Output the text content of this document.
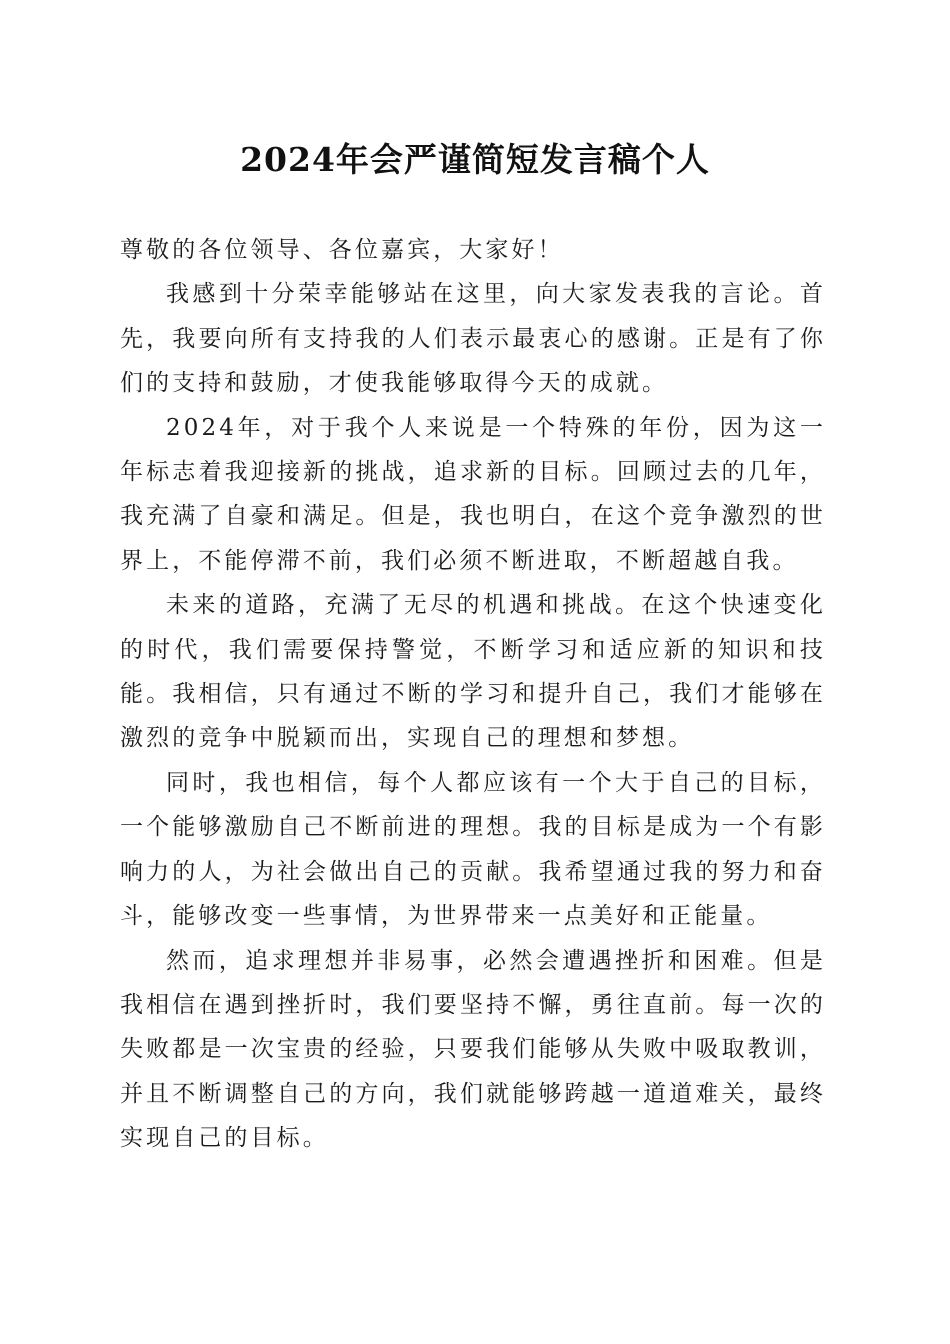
2024年会严谨简短发言稿个人

尊敬的各位领导、各位嘉宾，大家好！

我感到十分荣幸能够站在这里，向大家发表我的言论。首先，我要向所有支持我的人们表示最衷心的感谢。正是有了你们的支持和鼓励，才使我能够取得今天的成就。

2024年，对于我个人来说是一个特殊的年份，因为这一年标志着我迎接新的挑战，追求新的目标。回顾过去的几年，我充满了自豪和满足。但是，我也明白，在这个竞争激烈的世界上，不能停滞不前，我们必须不断进取，不断超越自我。

未来的道路，充满了无尽的机遇和挑战。在这个快速变化的时代，我们需要保持警觉，不断学习和适应新的知识和技能。我相信，只有通过不断的学习和提升自己，我们才能够在激烈的竞争中脱颖而出，实现自己的理想和梦想。

同时，我也相信，每个人都应该有一个大于自己的目标，一个能够激励自己不断前进的理想。我的目标是成为一个有影响力的人，为社会做出自己的贡献。我希望通过我的努力和奋斗，能够改变一些事情，为世界带来一点美好和正能量。

然而，追求理想并非易事，必然会遭遇挫折和困难。但是我相信在遇到挫折时，我们要坚持不懈，勇往直前。每一次的失败都是一次宝贵的经验，只要我们能够从失败中吸取教训，并且不断调整自己的方向，我们就能够跨越一道道难关，最终实现自己的目标。
